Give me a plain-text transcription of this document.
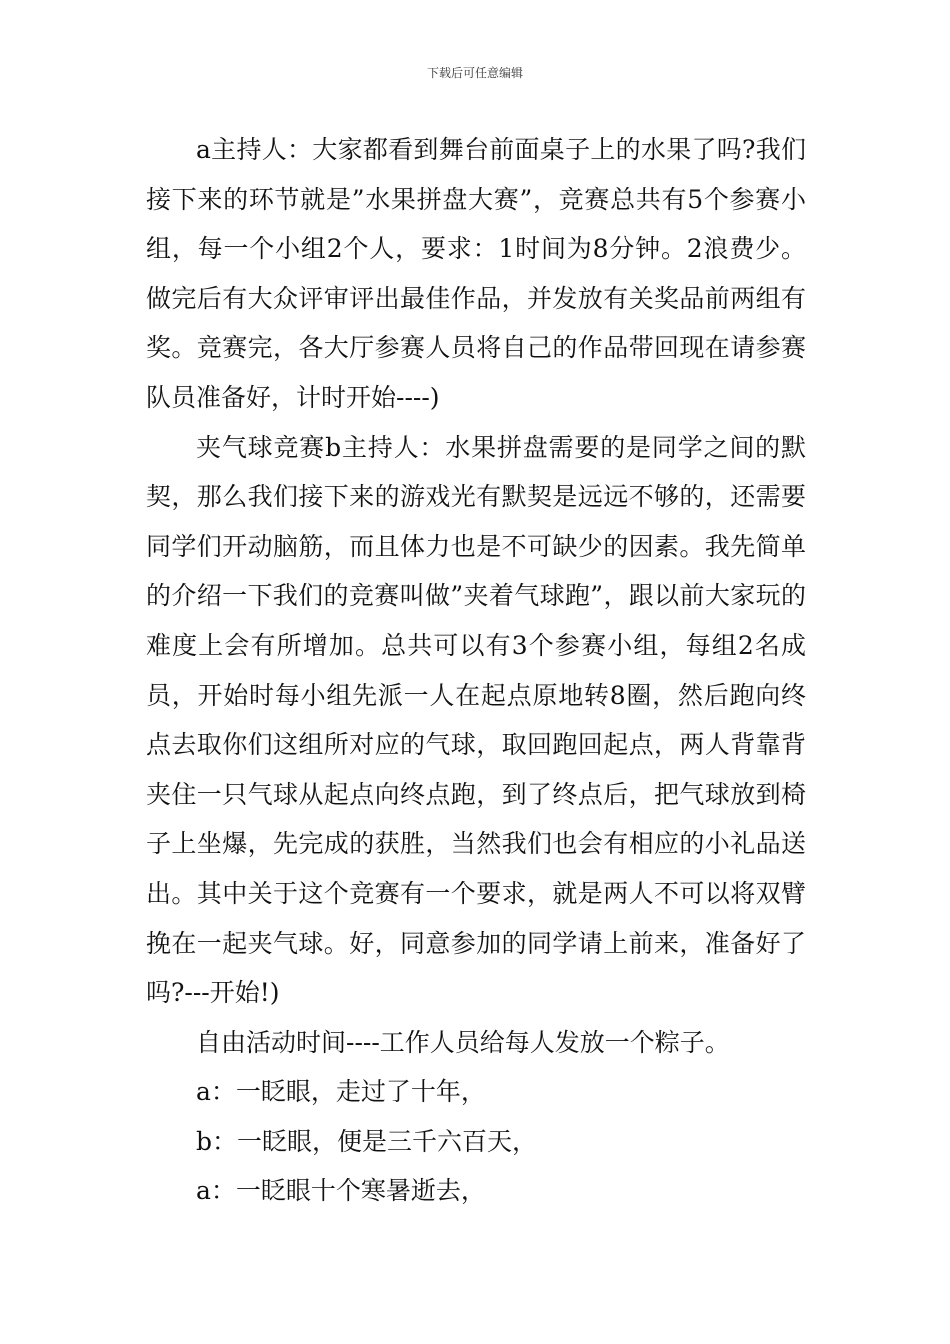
下载后可任意编辑

a主持人：大家都看到舞台前面桌子上的水果了吗?我们接下来的环节就是”水果拼盘大赛”，竞赛总共有5个参赛小组，每一个小组2个人，要求：1时间为8分钟。2浪费少。做完后有大众评审评出最佳作品，并发放有关奖品前两组有奖。竞赛完，各大厅参赛人员将自己的作品带回现在请参赛队员准备好，计时开始----)

夹气球竞赛b主持人：水果拼盘需要的是同学之间的默契，那么我们接下来的游戏光有默契是远远不够的，还需要同学们开动脑筋，而且体力也是不可缺少的因素。我先简单的介绍一下我们的竞赛叫做”夹着气球跑”，跟以前大家玩的难度上会有所增加。总共可以有3个参赛小组，每组2名成员，开始时每小组先派一人在起点原地转8圈，然后跑向终点去取你们这组所对应的气球，取回跑回起点，两人背靠背夹住一只气球从起点向终点跑，到了终点后，把气球放到椅子上坐爆，先完成的获胜，当然我们也会有相应的小礼品送出。其中关于这个竞赛有一个要求，就是两人不可以将双臂挽在一起夹气球。好，同意参加的同学请上前来，准备好了吗?---开始!)

自由活动时间----工作人员给每人发放一个粽子。

a：一眨眼，走过了十年，

b：一眨眼，便是三千六百天，

a：一眨眼十个寒暑逝去，
